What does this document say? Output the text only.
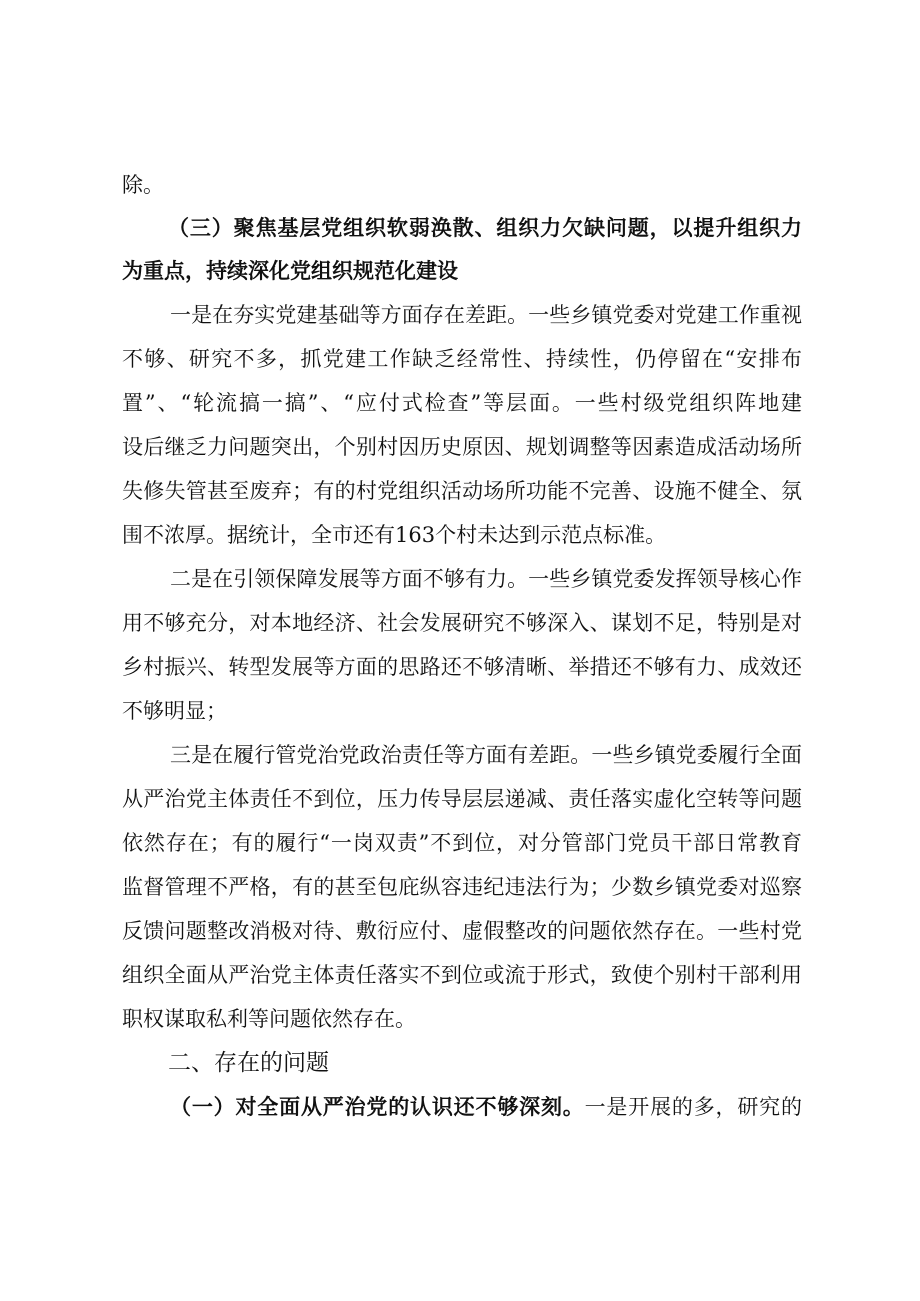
除。
（三）聚焦基层党组织软弱涣散、组织力欠缺问题，以提升组织力
为重点，持续深化党组织规范化建设
一是在夯实党建基础等方面存在差距。一些乡镇党委对党建工作重视
不够、研究不多，抓党建工作缺乏经常性、持续性，仍停留在“安排布
置”、“轮流搞一搞”、“应付式检查”等层面。一些村级党组织阵地建
设后继乏力问题突出，个别村因历史原因、规划调整等因素造成活动场所
失修失管甚至废弃；有的村党组织活动场所功能不完善、设施不健全、氛
围不浓厚。据统计，全市还有163个村未达到示范点标准。
二是在引领保障发展等方面不够有力。一些乡镇党委发挥领导核心作
用不够充分，对本地经济、社会发展研究不够深入、谋划不足，特别是对
乡村振兴、转型发展等方面的思路还不够清晰、举措还不够有力、成效还
不够明显；
三是在履行管党治党政治责任等方面有差距。一些乡镇党委履行全面
从严治党主体责任不到位，压力传导层层递减、责任落实虚化空转等问题
依然存在；有的履行“一岗双责”不到位，对分管部门党员干部日常教育
监督管理不严格，有的甚至包庇纵容违纪违法行为；少数乡镇党委对巡察
反馈问题整改消极对待、敷衍应付、虚假整改的问题依然存在。一些村党
组织全面从严治党主体责任落实不到位或流于形式，致使个别村干部利用
职权谋取私利等问题依然存在。
二、存在的问题
（一）对全面从严治党的认识还不够深刻。一是开展的多，研究的
